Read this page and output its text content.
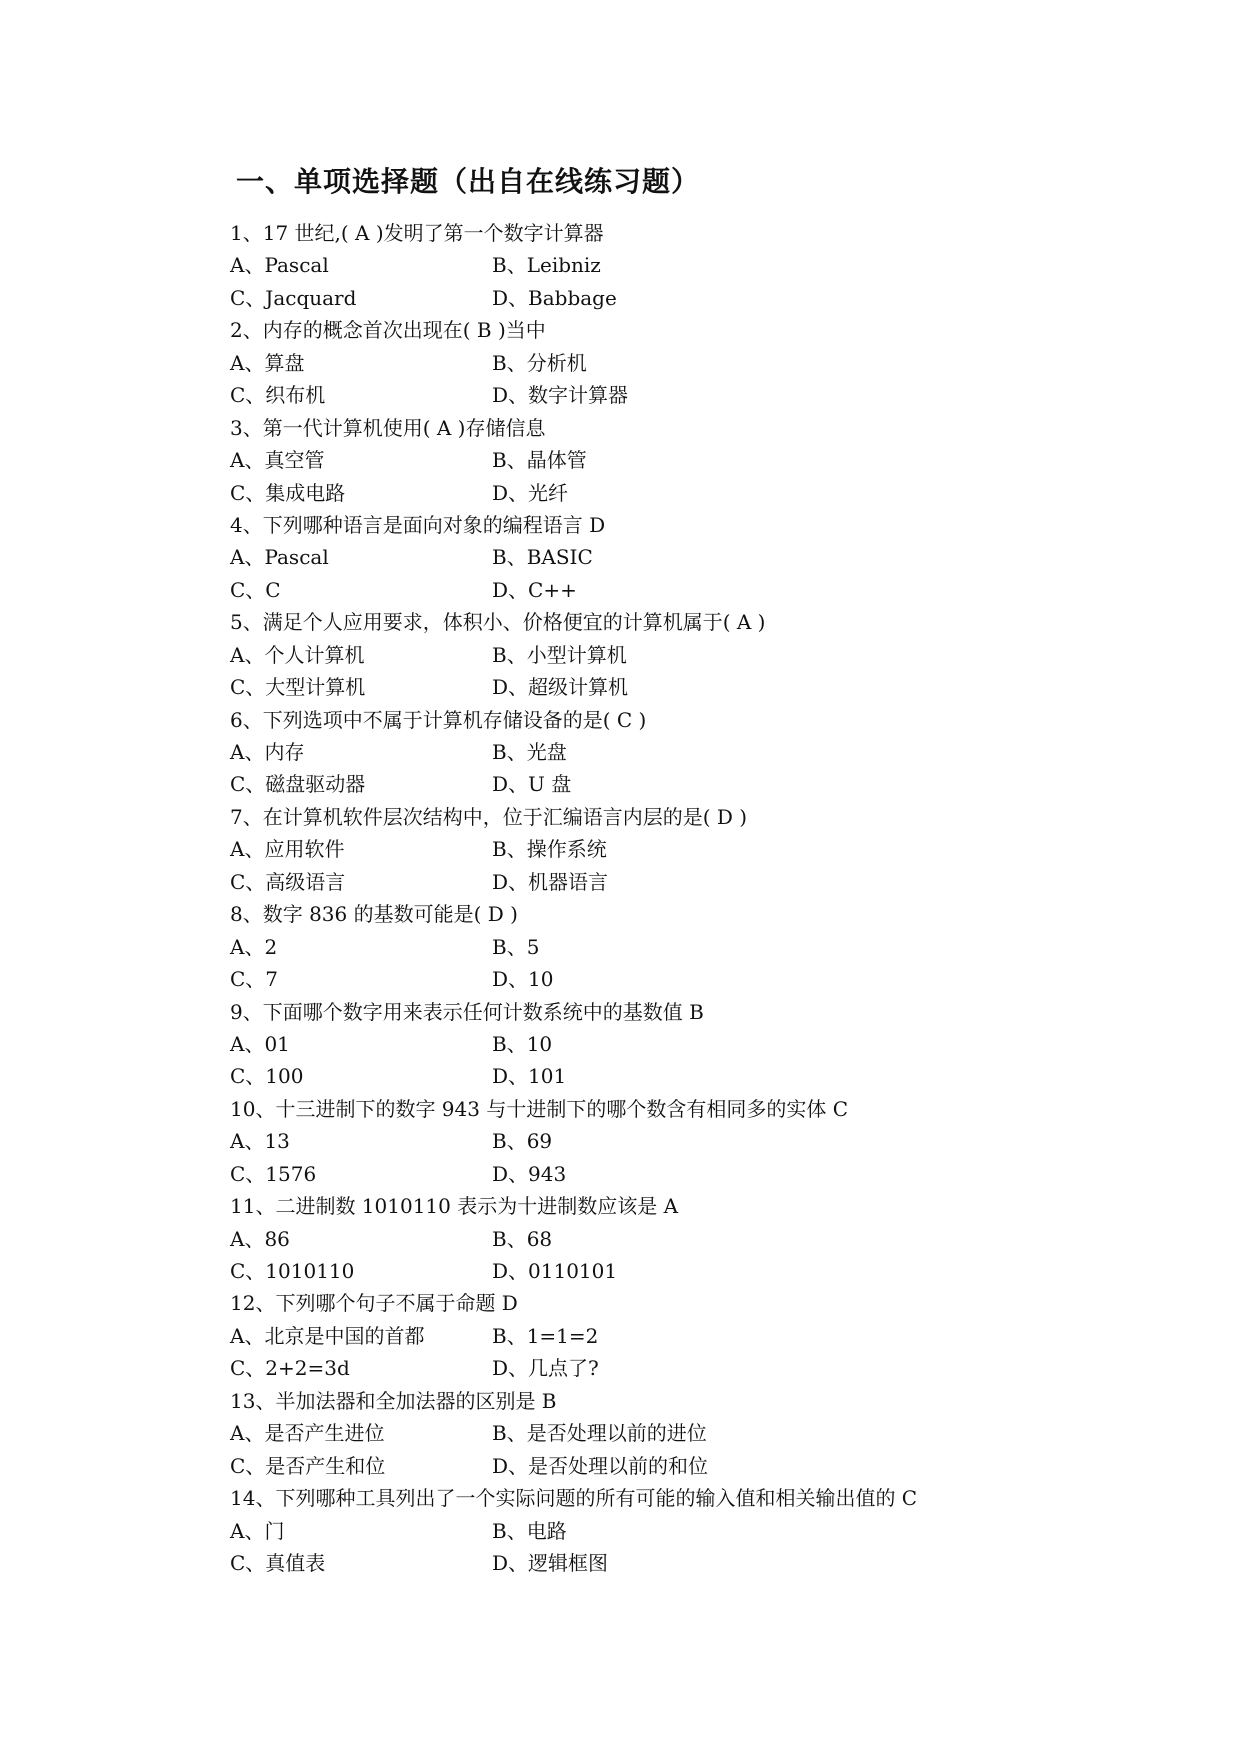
一、单项选择题（出自在线练习题）
1、17 世纪,( A )发明了第一个数字计算器
A、Pascal	B、Leibniz
C、Jacquard	D、Babbage
2、内存的概念首次出现在( B )当中
A、算盘	B、分析机
C、织布机	D、数字计算器
3、第一代计算机使用( A )存储信息
A、真空管	B、晶体管
C、集成电路	D、光纤
4、下列哪种语言是面向对象的编程语言 D
A、Pascal	B、BASIC
C、C	D、C++
5、满足个人应用要求，体积小、价格便宜的计算机属于( A )
A、个人计算机	B、小型计算机
C、大型计算机	D、超级计算机
6、下列选项中不属于计算机存储设备的是( C )
A、内存	B、光盘
C、磁盘驱动器	D、U 盘
7、在计算机软件层次结构中，位于汇编语言内层的是( D )
A、应用软件	B、操作系统
C、高级语言	D、机器语言
8、数字 836 的基数可能是( D )
A、2	B、5
C、7	D、10
9、下面哪个数字用来表示任何计数系统中的基数值 B
A、01	B、10
C、100	D、101
10、十三进制下的数字 943 与十进制下的哪个数含有相同多的实体 C
A、13	B、69
C、1576	D、943
11、二进制数 1010110 表示为十进制数应该是 A
A、86	B、68
C、1010110	D、0110101
12、下列哪个句子不属于命题 D
A、北京是中国的首都	B、1=1=2
C、2+2=3d	D、几点了?
13、半加法器和全加法器的区别是 B
A、是否产生进位	B、是否处理以前的进位
C、是否产生和位	D、是否处理以前的和位
14、下列哪种工具列出了一个实际问题的所有可能的输入值和相关输出值的 C
A、门	B、电路
C、真值表	D、逻辑框图
